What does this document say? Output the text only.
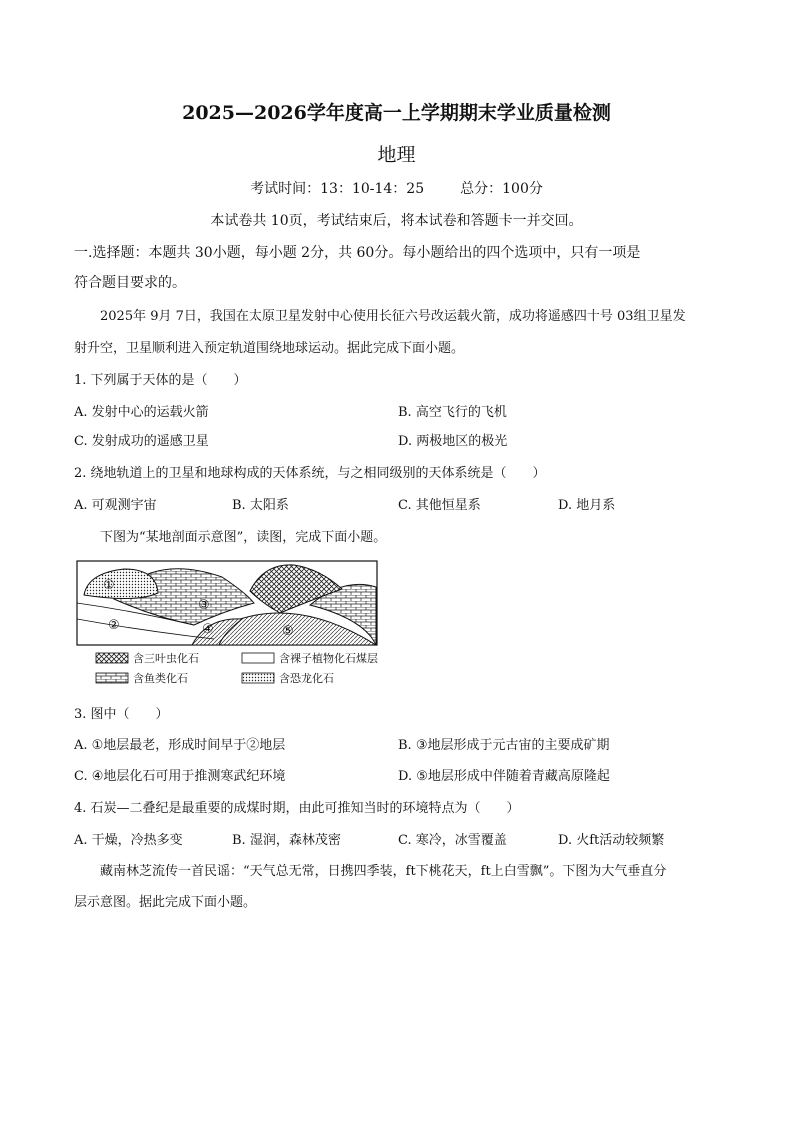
2025—2026学年度高一上学期期末学业质量检测
地理
考试时间：13：10-14：25	总分：100分
本试卷共 10页，考试结束后，将本试卷和答题卡一并交回。
一.选择题：本题共 30小题，每小题 2分，共 60分。每小题给出的四个选项中，只有一项是
符合题目要求的。
2025年 9月 7日，我国在太原卫星发射中心使用长征六号改运载火箭，成功将遥感四十号 03组卫星发
射升空，卫星顺利进入预定轨道围绕地球运动。据此完成下面小题。
1. 下列属于天体的是（　　）
A. 发射中心的运载火箭	B. 高空飞行的飞机
C. 发射成功的遥感卫星	D. 两极地区的极光
2. 绕地轨道上的卫星和地球构成的天体系统，与之相同级别的天体系统是（　　）
A. 可观测宇宙	B. 太阳系	C. 其他恒星系	D. 地月系
下图为“某地剖面示意图”，读图，完成下面小题。
①
②
③
④	⑤
含三叶虫化石	含裸子植物化石煤层
含鱼类化石	含恐龙化石
3. 图中（　　）
A. ①地层最老，形成时间早于②地层	B. ③地层形成于元古宙的主要成矿期
C. ④地层化石可用于推测寒武纪环境	D. ⑤地层形成中伴随着青藏高原隆起
4. 石炭—二叠纪是最重要的成煤时期，由此可推知当时的环境特点为（　　）
A. 干燥，冷热多变	B. 湿润，森林茂密	C. 寒冷，冰雪覆盖	D. 火ft活动较频繁
藏南林芝流传一首民谣：“天气总无常，日携四季装，ft下桃花天，ft上白雪飘”。下图为大气垂直分
层示意图。据此完成下面小题。
